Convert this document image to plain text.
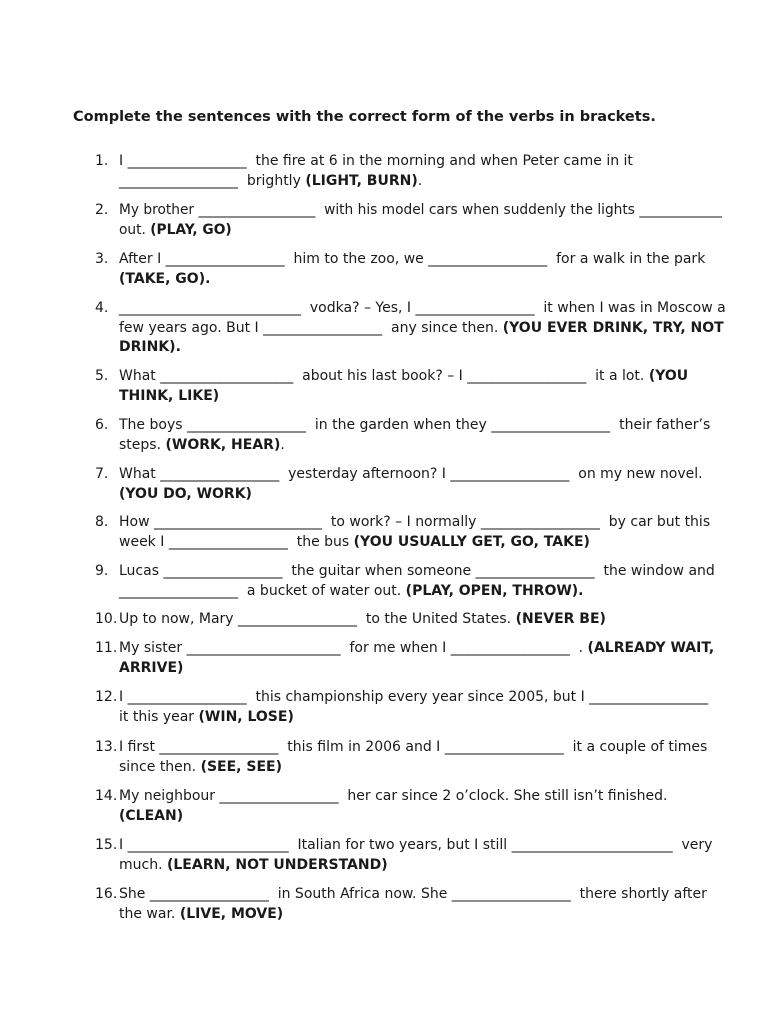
Complete the sentences with the correct form of the verbs in brackets.
1. I _________________  the fire at 6 in the morning and when Peter came in it
_________________  brightly (LIGHT, BURN).
2. My brother _________________  with his model cars when suddenly the lights ____________
out. (PLAY, GO)
3. After I _________________  him to the zoo, we _________________  for a walk in the park
(TAKE, GO).
4. __________________________  vodka? – Yes, I _________________  it when I was in Moscow a
few years ago. But I _________________  any since then. (YOU EVER DRINK, TRY, NOT
DRINK).
5. What ___________________  about his last book? – I _________________  it a lot. (YOU
THINK, LIKE)
6. The boys _________________  in the garden when they _________________  their father’s
steps. (WORK, HEAR).
7. What _________________  yesterday afternoon? I _________________  on my new novel.
(YOU DO, WORK)
8. How ________________________  to work? – I normally _________________  by car but this
week I _________________  the bus (YOU USUALLY GET, GO, TAKE)
9. Lucas _________________  the guitar when someone _________________  the window and
_________________  a bucket of water out. (PLAY, OPEN, THROW).
10. Up to now, Mary _________________  to the United States. (NEVER BE)
11. My sister ______________________  for me when I _________________  . (ALREADY WAIT,
ARRIVE)
12. I _________________  this championship every year since 2005, but I _________________
it this year (WIN, LOSE)
13. I first _________________  this film in 2006 and I _________________  it a couple of times
since then. (SEE, SEE)
14. My neighbour _________________  her car since 2 o’clock. She still isn’t finished.
(CLEAN)
15. I _______________________  Italian for two years, but I still _______________________  very
much. (LEARN, NOT UNDERSTAND)
16. She _________________  in South Africa now. She _________________  there shortly after
the war. (LIVE, MOVE)
